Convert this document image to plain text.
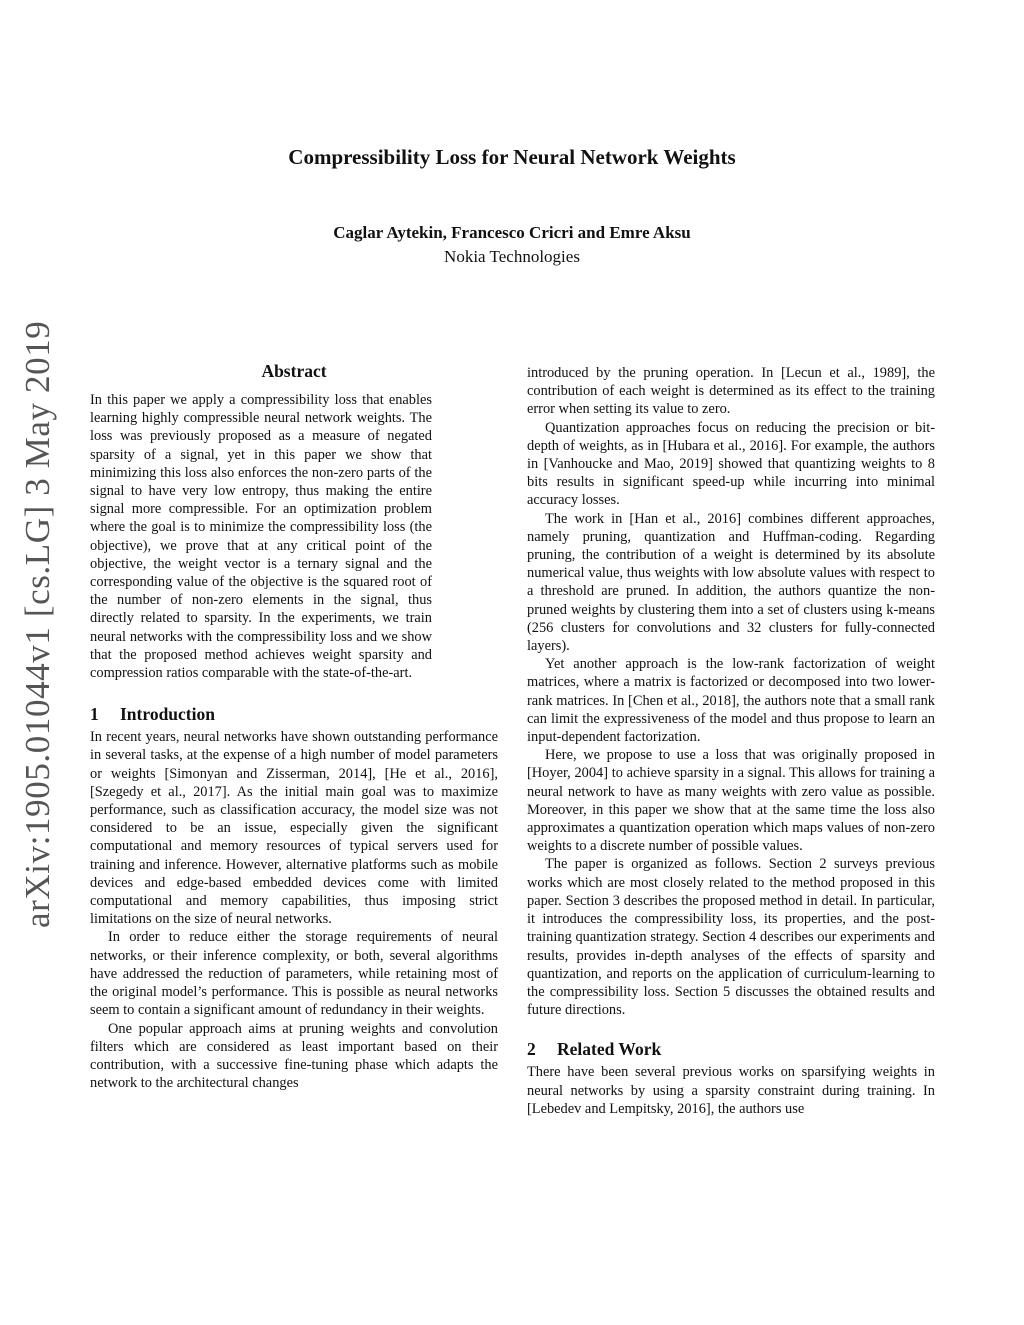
Compressibility Loss for Neural Network Weights
Caglar Aytekin, Francesco Cricri and Emre Aksu
Nokia Technologies
arXiv:1905.01044v1 [cs.LG] 3 May 2019	Abstract

In this paper we apply a compressibility loss that enables learning highly compressible neural network weights. The loss was previously proposed as a measure of negated sparsity of a signal, yet in this paper we show that minimizing this loss also enforces the non-zero parts of the signal to have very low entropy, thus making the entire signal more compressible. For an optimization problem where the goal is to minimize the compressibility loss (the objective), we prove that at any critical point of the objective, the weight vector is a ternary signal and the corresponding value of the objective is the squared root of the number of non-zero elements in the signal, thus directly related to sparsity. In the experiments, we train neural networks with the compressibility loss and we show that the proposed method achieves weight sparsity and compression ratios comparable with the state-of-the-art.

1 Introduction

In recent years, neural networks have shown outstanding performance in several tasks, at the expense of a high number of model parameters or weights [Simonyan and Zisserman, 2014], [He et al., 2016], [Szegedy et al., 2017]. As the initial main goal was to maximize performance, such as classification accuracy, the model size was not considered to be an issue, especially given the significant computational and memory resources of typical servers used for training and inference. However, alternative platforms such as mobile devices and edge-based embedded devices come with limited computational and memory capabilities, thus imposing strict limitations on the size of neural networks.

In order to reduce either the storage requirements of neural networks, or their inference complexity, or both, several algorithms have addressed the reduction of parameters, while retaining most of the original model’s performance. This is possible as neural networks seem to contain a significant amount of redundancy in their weights.

One popular approach aims at pruning weights and convolution filters which are considered as least important based on their contribution, with a successive fine-tuning phase which adapts the network to the architectural changes

introduced by the pruning operation. In [Lecun et al., 1989], the contribution of each weight is determined as its effect to the training error when setting its value to zero.

Quantization approaches focus on reducing the precision or bit-depth of weights, as in [Hubara et al., 2016]. For example, the authors in [Vanhoucke and Mao, 2019] showed that quantizing weights to 8 bits results in significant speed-up while incurring into minimal accuracy losses.

The work in [Han et al., 2016] combines different approaches, namely pruning, quantization and Huffman-coding. Regarding pruning, the contribution of a weight is determined by its absolute numerical value, thus weights with low absolute values with respect to a threshold are pruned. In addition, the authors quantize the non-pruned weights by clustering them into a set of clusters using k-means (256 clusters for convolutions and 32 clusters for fully-connected layers).

Yet another approach is the low-rank factorization of weight matrices, where a matrix is factorized or decomposed into two lower-rank matrices. In [Chen et al., 2018], the authors note that a small rank can limit the expressiveness of the model and thus propose to learn an input-dependent factorization.

Here, we propose to use a loss that was originally proposed in [Hoyer, 2004] to achieve sparsity in a signal. This allows for training a neural network to have as many weights with zero value as possible. Moreover, in this paper we show that at the same time the loss also approximates a quantization operation which maps values of non-zero weights to a discrete number of possible values.

The paper is organized as follows. Section 2 surveys previous works which are most closely related to the method proposed in this paper. Section 3 describes the proposed method in detail. In particular, it introduces the compressibility loss, its properties, and the post-training quantization strategy. Section 4 describes our experiments and results, provides in-depth analyses of the effects of sparsity and quantization, and reports on the application of curriculum-learning to the compressibility loss. Section 5 discusses the obtained results and future directions.

2 Related Work

There have been several previous works on sparsifying weights in neural networks by using a sparsity constraint during training. In [Lebedev and Lempitsky, 2016], the authors use
